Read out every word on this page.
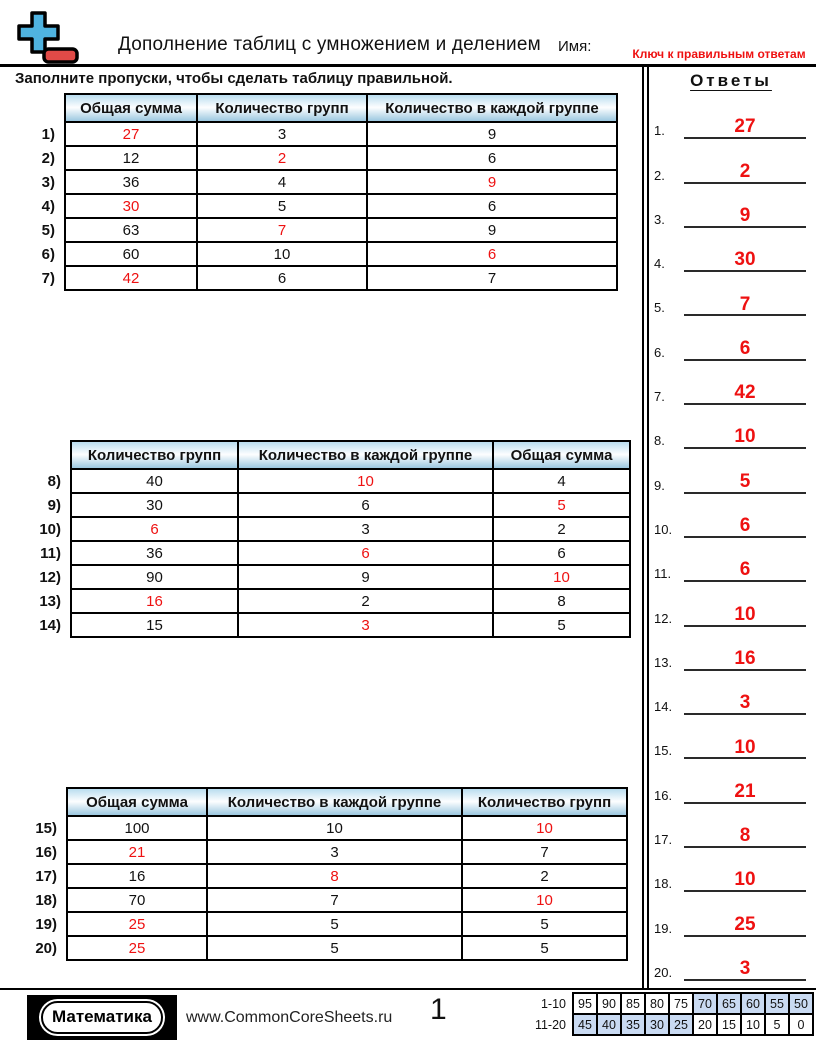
Дополнение таблиц с умножением и делением Имя:	Ключ к правильным ответам
Заполните пропуски, чтобы сделать таблицу правильной.
	Общая сумма	Количество групп	Количество в каждой группе
1)	27	3	9
2)	12	2	6
3)	36	4	9
4)	30	5	6
5)	63	7	9
6)	60	10	6
7)	42	6	7
	Количество групп	Количество в каждой группе	Общая сумма
8)	40	10	4
9)	30	6	5
10)	6	3	2
11)	36	6	6
12)	90	9	10
13)	16	2	8
14)	15	3	5
	Общая сумма	Количество в каждой группе	Количество групп
15)	100	10	10
16)	21	3	7
17)	16	8	2
18)	70	7	10
19)	25	5	5
20)	25	5	5
Ответы
1.	27
2.	2
3.	9
4.	30
5.	7
6.	6
7.	42
8.	10
9.	5
10.	6
11.	6
12.	10
13.	16
14.	3
15.	10
16.	21
17.	8
18.	10
19.	25
20.	3
Математика	www.CommonCoreSheets.ru 1	1-10	95	90	85	80	75	70	65	60	55	50
11-20	45	40	35	30	25	20	15	10	5	0
